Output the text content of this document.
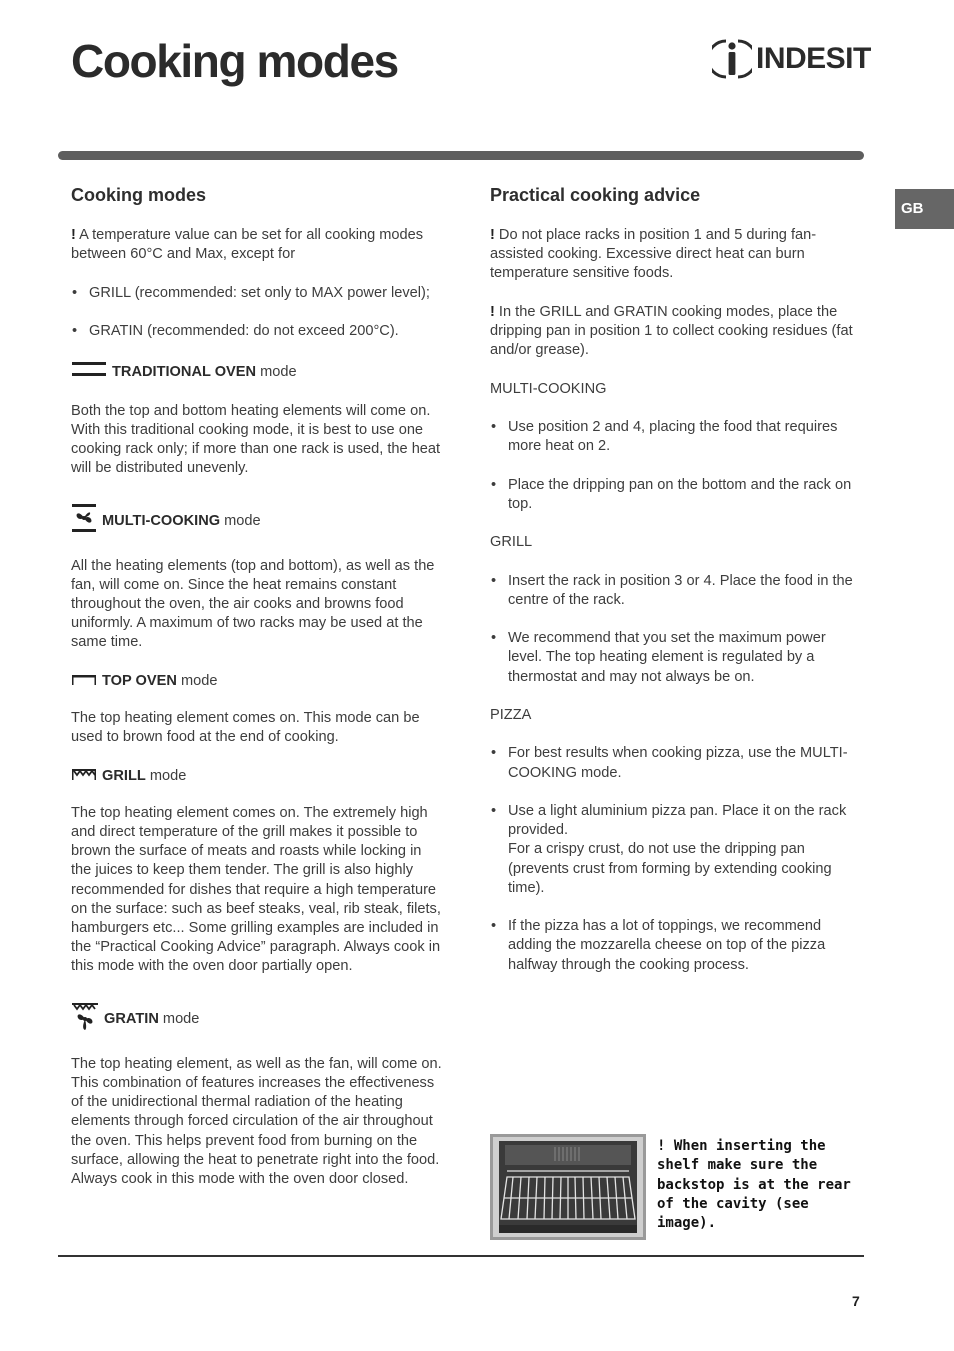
Cooking modes	INDESIT
GB
Cooking modes

! A temperature value can be set for all cooking modes between 60°C and Max, except for

• GRILL (recommended: set only to MAX power level);
• GRATIN (recommended: do not exceed 200°C).
TRADITIONAL OVEN mode

Both the top and bottom heating elements will come on. With this traditional cooking mode, it is best to use one cooking rack only; if more than one rack is used, the heat will be distributed unevenly.

MULTI-COOKING mode

All the heating elements (top and bottom), as well as the fan, will come on. Since the heat remains constant throughout the oven, the air cooks and browns food uniformly. A maximum of two racks may be used at the same time.

TOP OVEN mode

The top heating element comes on. This mode can be used to brown food at the end of cooking.

GRILL mode

The top heating element comes on. The extremely high and direct temperature of the grill makes it possible to brown the surface of meats and roasts while locking in the juices to keep them tender. The grill is also highly recommended for dishes that require a high temperature on the surface: such as beef steaks, veal, rib steak, filets, hamburgers etc... Some grilling examples are included in the “Practical Cooking Advice” paragraph. Always cook in this mode with the oven door partially open.

GRATIN mode

The top heating element, as well as the fan, will come on. This combination of features increases the effectiveness of the unidirectional thermal radiation of the heating elements through forced circulation of the air throughout the oven. This helps prevent food from burning on the surface, allowing the heat to penetrate right into the food. Always cook in this mode with the oven door closed.

Practical cooking advice

! Do not place racks in position 1 and 5 during fan-assisted cooking. Excessive direct heat can burn temperature sensitive foods.

! In the GRILL and GRATIN cooking modes, place the dripping pan in position 1 to collect cooking residues (fat and/or grease).

MULTI-COOKING

• Use position 2 and 4, placing the food that requires more heat on 2.
• Place the dripping pan on the bottom and the rack on top.

GRILL

• Insert the rack in position 3 or 4. Place the food in the centre of the rack.
• We recommend that you set the maximum power level. The top heating element is regulated by a thermostat and may not always be on.

PIZZA

• For best results when cooking pizza, use the MULTI-COOKING mode.
• Use a light aluminium pizza pan. Place it on the rack provided.
For a crispy crust, do not use the dripping pan (prevents crust from forming by extending cooking time).
• If the pizza has a lot of toppings, we recommend adding the mozzarella cheese on top of the pizza halfway through the cooking process.
! When inserting the shelf make sure the backstop is at the rear of the cavity (see image).
7
